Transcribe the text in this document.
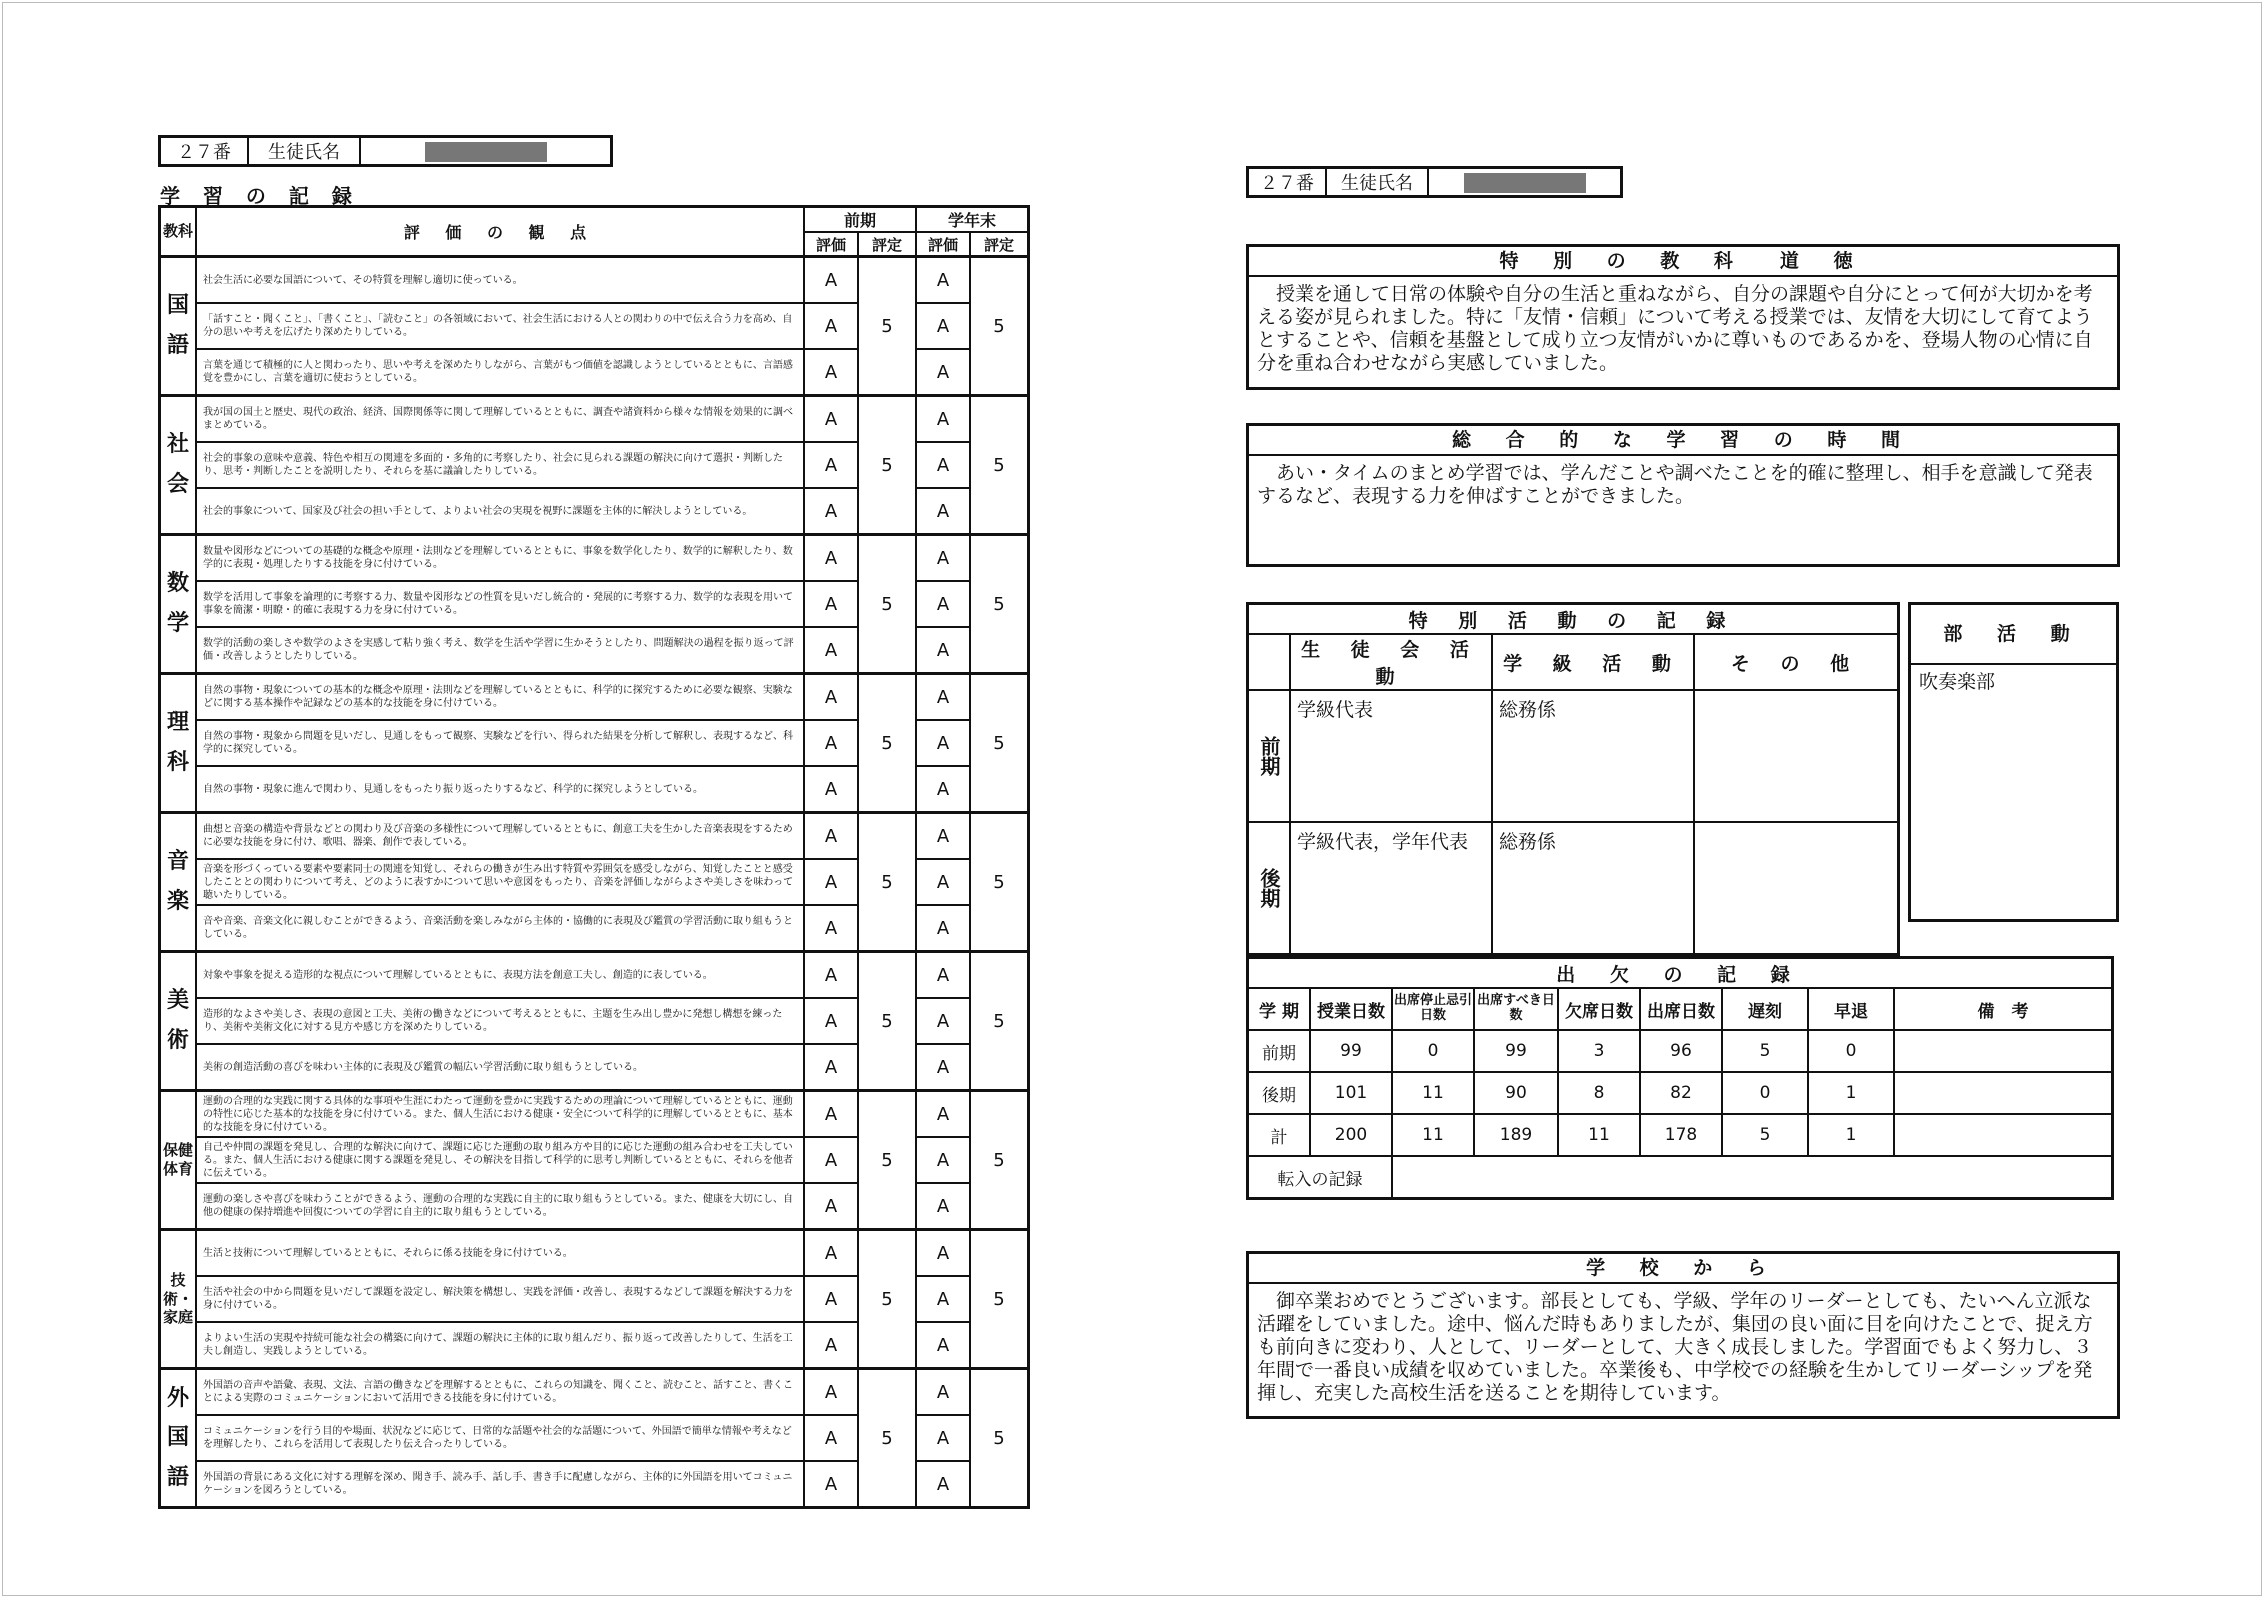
２７番	生徒氏名	
学 習 の 記 録
教科	評 価 の 観 点	前期		学年末	
		評価	評定	評価	評定
国語	社会生活に必要な国語について、その特質を理解し適切に使っている。	A	5	A	5
	「話すこと・聞くこと」、「書くこと」、「読むこと」の各領域において、社会生活における人との関わりの中で伝え合う力を高め、自分の思いや考えを広げたり深めたりしている。	A		A	
	言葉を通じて積極的に人と関わったり、思いや考えを深めたりしながら、言葉がもつ価値を認識しようとしているとともに、言語感覚を豊かにし、言葉を適切に使おうとしている。	A		A	
社会	我が国の国土と歴史、現代の政治、経済、国際関係等に関して理解しているとともに、調査や諸資料から様々な情報を効果的に調べまとめている。	A	5	A	5
	社会的事象の意味や意義、特色や相互の関連を多面的・多角的に考察したり、社会に見られる課題の解決に向けて選択・判断したり、思考・判断したことを説明したり、それらを基に議論したりしている。	A		A	
	社会的事象について、国家及び社会の担い手として、よりよい社会の実現を視野に課題を主体的に解決しようとしている。	A		A	
数学	数量や図形などについての基礎的な概念や原理・法則などを理解しているとともに、事象を数学化したり、数学的に解釈したり、数学的に表現・処理したりする技能を身に付けている。	A	5	A	5
	数学を活用して事象を論理的に考察する力、数量や図形などの性質を見いだし統合的・発展的に考察する力、数学的な表現を用いて事象を簡潔・明瞭・的確に表現する力を身に付けている。	A		A	
	数学的活動の楽しさや数学のよさを実感して粘り強く考え、数学を生活や学習に生かそうとしたり、問題解決の過程を振り返って評価・改善しようとしたりしている。	A		A	
理科	自然の事物・現象についての基本的な概念や原理・法則などを理解しているとともに、科学的に探究するために必要な観察、実験などに関する基本操作や記録などの基本的な技能を身に付けている。	A	5	A	5
	自然の事物・現象から問題を見いだし、見通しをもって観察、実験などを行い、得られた結果を分析して解釈し、表現するなど、科学的に探究している。	A		A	
	自然の事物・現象に進んで関わり、見通しをもったり振り返ったりするなど、科学的に探究しようとしている。	A		A	
音楽	曲想と音楽の構造や背景などとの関わり及び音楽の多様性について理解しているとともに、創意工夫を生かした音楽表現をするために必要な技能を身に付け、歌唱、器楽、創作で表している。	A	5	A	5
	音楽を形づくっている要素や要素同士の関連を知覚し、それらの働きが生み出す特質や雰囲気を感受しながら、知覚したことと感受したこととの関わりについて考え、どのように表すかについて思いや意図をもったり、音楽を評価しながらよさや美しさを味わって聴いたりしている。	A		A	
	音や音楽、音楽文化に親しむことができるよう、音楽活動を楽しみながら主体的・協働的に表現及び鑑賞の学習活動に取り組もうとしている。	A		A	
美術	対象や事象を捉える造形的な視点について理解しているとともに、表現方法を創意工夫し、創造的に表している。	A	5	A	5
	造形的なよさや美しさ、表現の意図と工夫、美術の働きなどについて考えるとともに、主題を生み出し豊かに発想し構想を練ったり、美術や美術文化に対する見方や感じ方を深めたりしている。	A		A	
	美術の創造活動の喜びを味わい主体的に表現及び鑑賞の幅広い学習活動に取り組もうとしている。	A		A	
保健体育	運動の合理的な実践に関する具体的な事項や生涯にわたって運動を豊かに実践するための理論について理解しているとともに、運動の特性に応じた基本的な技能を身に付けている。また、個人生活における健康・安全について科学的に理解しているとともに、基本的な技能を身に付けている。	A	5	A	5
	自己や仲間の課題を発見し、合理的な解決に向けて、課題に応じた運動の取り組み方や目的に応じた運動の組み合わせを工夫している。また、個人生活における健康に関する課題を発見し、その解決を目指して科学的に思考し判断しているとともに、それらを他者に伝えている。	A		A	
	運動の楽しさや喜びを味わうことができるよう、運動の合理的な実践に自主的に取り組もうとしている。また、健康を大切にし、自他の健康の保持増進や回復についての学習に自主的に取り組もうとしている。	A		A	
技術・家庭	生活と技術について理解しているとともに、それらに係る技能を身に付けている。	A	5	A	5
	生活や社会の中から問題を見いだして課題を設定し、解決策を構想し、実践を評価・改善し、表現するなどして課題を解決する力を身に付けている。	A		A	
	よりよい生活の実現や持続可能な社会の構築に向けて、課題の解決に主体的に取り組んだり、振り返って改善したりして、生活を工夫し創造し、実践しようとしている。	A		A	
外国語	外国語の音声や語彙、表現、文法、言語の働きなどを理解するとともに、これらの知識を、聞くこと、読むこと、話すこと、書くことによる実際のコミュニケーションにおいて活用できる技能を身に付けている。	A	5	A	5
	コミュニケーションを行う目的や場面、状況などに応じて、日常的な話題や社会的な話題について、外国語で簡単な情報や考えなどを理解したり、これらを活用して表現したり伝え合ったりしている。	A		A	
	外国語の背景にある文化に対する理解を深め、聞き手、読み手、話し手、書き手に配慮しながら、主体的に外国語を用いてコミュニケーションを図ろうとしている。	A		A	
２７番	生徒氏名	
特 別 の 教 科　道 徳
授業を通して日常の体験や自分の生活と重ねながら、自分の課題や自分にとって何が大切かを考える姿が見られました。特に「友情・信頼」について考える授業では、友情を大切にして育てようとすることや、信頼を基盤として成り立つ友情がいかに尊いものであるかを、登場人物の心情に自分を重ね合わせながら実感していました。
総 合 的 な 学 習 の 時 間
あい・タイムのまとめ学習では、学んだことや調べたことを的確に整理し、相手を意識して発表するなど、表現する力を伸ばすことができました。
特 別 活 動 の 記 録			
	生 徒 会 活 動	学 級 活 動	そ の 他
前期	学級代表	総務係	
後期	学級代表，学年代表	総務係	
部 活 動
吹奏楽部
出 欠 の 記 録								
学 期	授業日数	出席停止忌引日数	出席すべき日数	欠席日数	出席日数	遅刻	早退	備　考
前期	99	0	99	3	96	5	0	
後期	101	11	90	8	82	0	1	
計	200	11	189	11	178	5	1	
転入の記録								
学 校 か ら
御卒業おめでとうございます。部長としても、学級、学年のリーダーとしても、たいへん立派な活躍をしていました。途中、悩んだ時もありましたが、集団の良い面に目を向けたことで、捉え方も前向きに変わり、人として、リーダーとして、大きく成長しました。学習面でもよく努力し、３年間で一番良い成績を収めていました。卒業後も、中学校での経験を生かしてリーダーシップを発揮し、充実した高校生活を送ることを期待しています。
